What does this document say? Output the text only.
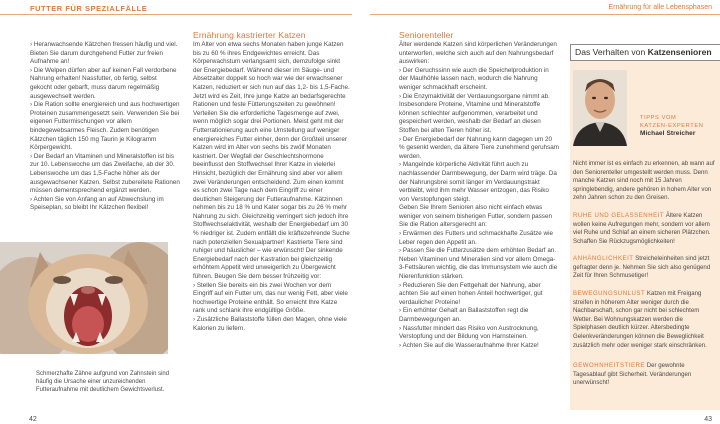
FUTTER FÜR SPEZIALFÄLLE	Ernährung für alle Lebensphasen

› Heranwachsende Kätzchen fressen häufig und viel. Bieten Sie darum durchgehend Futter zur freien Aufnahme an!

› Die Welpen dürfen aber auf keinen Fall verdorbene Nahrung erhalten! Nassfutter, ob fertig, selbst gekocht oder gebarft, muss darum regelmäßig ausgewechselt werden.

› Die Ration sollte energiereich und aus hochwertigen Proteinen zusammengesetzt sein. Verwenden Sie bei eigenen Futtermischungen vor allem bindegewebsarmes Fleisch. Zudem benötigen Kätzchen täglich 150 mg Taurin je Kilogramm Körpergewicht.

› Der Bedarf an Vitaminen und Mineralstoffen ist bis zur 10. Lebenswoche um das Zweifache, ab der 30. Lebenswoche um das 1,5-Fache höher als der ausgewachsener Katzen. Selbst zubereitete Rationen müssen dementsprechend ergänzt werden.

› Achten Sie von Anfang an auf Abwechslung im Speiseplan, so bleibt Ihr Kätzchen flexibel!

Schmerzhafte Zähne aufgrund von Zahnstein sind häufig die Ursache einer unzureichenden Futteraufnahme mit deutlichem Gewichtsverlust.
Ernährung kastrierter Katzen

Im Alter von etwa sechs Monaten haben junge Katzen bis zu 60 % ihres Endgewichtes erreicht. Das Körperwachstum verlangsamt sich, demzufolge sinkt der Energiebedarf. Während dieser im Säuge- und Absetzalter doppelt so hoch war wie der erwachsener Katzen, reduziert er sich nun auf das 1,2- bis 1,5-Fache. Jetzt wird es Zeit, Ihre junge Katze an bedarfsgerechte Rationen und feste Fütterungszeiten zu gewöhnen! Verteilen Sie die erforderliche Tagesmenge auf zwei, wenn möglich sogar drei Portionen. Meist geht mit der Futterrationierung auch eine Umstellung auf weniger energiereiches Futter einher, denn der Großteil unserer Katzen wird im Alter von sechs bis zwölf Monaten kastriert. Der Wegfall der Geschlechtshormone beeinflusst den Stoffwechsel Ihrer Katze in vielerlei Hinsicht, bezüglich der Ernährung sind aber vor allem zwei Veränderungen entscheidend. Zum einen kommt es schon zwei Tage nach dem Eingriff zu einer deutlichen Steigerung der Futteraufnahme. Kätzinnen nehmen bis zu 18 % und Kater sogar bis zu 26 % mehr Nahrung zu sich. Gleichzeitig verringert sich jedoch ihre Stoffwechselaktivität, weshalb der Energiebedarf um 30 % niedriger ist. Zudem entfällt die kräftezehrende Suche nach potenziellen Sexualpartner! Kastrierte Tiere sind ruhiger und häuslicher – wie erwünscht! Der sinkende Energiebedarf nach der Kastration bei gleichzeitig erhöhtem Appetit wird unweigerlich zu Übergewicht führen. Beugen Sie dem besser frühzeitig vor:

› Stellen Sie bereits ein bis zwei Wochen vor dem Eingriff auf ein Futter um, das nur wenig Fett, aber viele hochwertige Proteine enthält. So erreicht Ihre Katze rank und schlank ihre endgültige Größe.

› Zusätzliche Ballaststoffe füllen den Magen, ohne viele Kalorien zu liefern.

Seniorenteller

Älter werdende Katzen sind körperlichen Veränderungen unterworfen, welche sich auch auf den Nahrungsbedarf auswirken:

› Der Geruchssinn wie auch die Speichelproduktion in der Maulhöhle lassen nach, wodurch die Nahrung weniger schmackhaft erscheint.

› Die Enzymaktivität der Verdauungsorgane nimmt ab. Insbesondere Proteine, Vitamine und Mineralstoffe können schlechter aufgenommen, verarbeitet und gespeichert werden, weshalb der Bedarf an diesen Stoffen bei alten Tieren höher ist.

› Der Energiebedarf der Nahrung kann dagegen um 20 % gesenkt werden, da ältere Tiere zunehmend geruhsam werden.

› Mangelnde körperliche Aktivität führt auch zu nachlassender Darmbewegung, der Darm wird träge. Da der Nahrungsbrei somit länger im Verdauungstrakt verbleibt, wird ihm mehr Wasser entzogen, das Risiko von Verstopfungen steigt.

Geben Sie Ihrem Senioren also nicht einfach etwas weniger von seinem bisherigen Futter, sondern passen Sie die Ration altersgerecht an:

› Erwärmen des Futters und schmackhafte Zusätze wie Leber regen den Appetit an.

› Passen Sie die Futterzusätze dem erhöhten Bedarf an. Neben Vitaminen und Mineralien sind vor allem Omega-3-Fettsäuren wichtig, die das Immunsystem wie auch die Nierenfunktion stärken.

› Reduzieren Sie den Fettgehalt der Nahrung, aber achten Sie auf einen hohen Anteil hochwertiger, gut verdaulicher Proteine!

› Ein erhöhter Gehalt an Ballaststoffen regt die Darmbewegungen an.

› Nassfutter mindert das Risiko von Austrocknung, Verstopfung und der Bildung von Harnsteinen.

› Achten Sie auf die Wasseraufnahme Ihrer Katze!

Das Verhalten von Katzensenioren
TIPPS VOM
KATZEN-EXPERTEN
Michael Streicher
Nicht immer ist es einfach zu erkennen, ab wann auf den Seniorenteller umgestellt werden muss. Denn manche Katzen sind noch mit 15 Jahren springlebendig, andere gehören in hohem Alter von zehn Jahren schon zu den Greisen.
RUHE UND GELASSENHEIT Ältere Katzen wollen keine Aufregungen mehr, sondern vor allem viel Ruhe und Schlaf an einem sicheren Plätzchen. Schaffen Sie Rückzugsmöglichkeiten!
ANHÄNGLICHKEIT Streicheleinheiten sind jetzt gefragter denn je. Nehmen Sie sich also genügend Zeit für Ihren Schmusetiger!
BEWEGUNGSUNLUST Katzen mit Freigang streifen in höherem Alter weniger durch die Nachbarschaft, schon gar nicht bei schlechtem Wetter. Bei Wohnungskatzen werden die Spielphasen deutlich kürzer. Altersbedingte Gelenkveränderungen können die Beweglichkeit zusätzlich mehr oder weniger stark einschränken.
GEWOHNHEITSTIERE Der gewohnte Tagesablauf gibt Sicherheit. Veränderungen unerwünscht!
42	43
